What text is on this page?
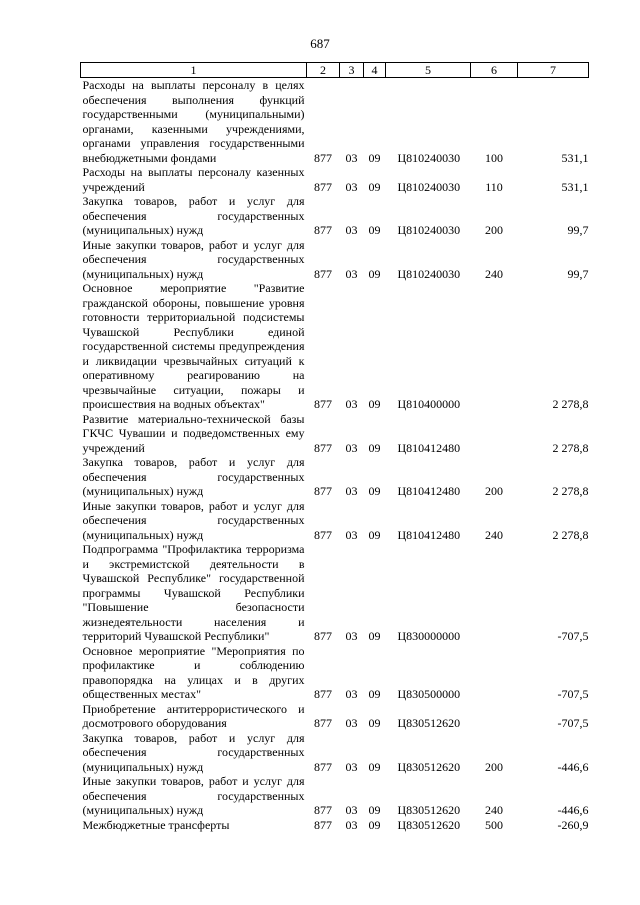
687
1	2	3	4	5	6	7
Расходы на выплаты персоналу в целях обеспечения выполнения функций государственными (муниципальными) органами, казенными учреждениями, органами управления государственными внебюджетными фондами	877	03	09	Ц810240030	100	531,1
Расходы на выплаты персоналу казенных учреждений	877	03	09	Ц810240030	110	531,1
Закупка товаров, работ и услуг для обеспечения государственных (муниципальных) нужд	877	03	09	Ц810240030	200	99,7
Иные закупки товаров, работ и услуг для обеспечения государственных (муниципальных) нужд	877	03	09	Ц810240030	240	99,7
Основное мероприятие "Развитие гражданской обороны, повышение уровня готовности территориальной подсистемы Чувашской Республики единой государственной системы предупреждения и ликвидации чрезвычайных ситуаций к оперативному реагированию на чрезвычайные ситуации, пожары и происшествия на водных объектах"	877	03	09	Ц810400000		2 278,8
Развитие материально-технической базы ГКЧС Чувашии и подведомственных ему учреждений	877	03	09	Ц810412480		2 278,8
Закупка товаров, работ и услуг для обеспечения государственных (муниципальных) нужд	877	03	09	Ц810412480	200	2 278,8
Иные закупки товаров, работ и услуг для обеспечения государственных (муниципальных) нужд	877	03	09	Ц810412480	240	2 278,8
Подпрограмма "Профилактика терроризма и экстремистской деятельности в Чувашской Республике" государственной программы Чувашской Республики "Повышение безопасности жизнедеятельности населения и территорий Чувашской Республики"	877	03	09	Ц830000000		-707,5
Основное мероприятие "Мероприятия по профилактике и соблюдению правопорядка на улицах и в других общественных местах"	877	03	09	Ц830500000		-707,5
Приобретение антитеррористического и досмотрового оборудования	877	03	09	Ц830512620		-707,5
Закупка товаров, работ и услуг для обеспечения государственных (муниципальных) нужд	877	03	09	Ц830512620	200	-446,6
Иные закупки товаров, работ и услуг для обеспечения государственных (муниципальных) нужд	877	03	09	Ц830512620	240	-446,6
Межбюджетные трансферты	877	03	09	Ц830512620	500	-260,9
